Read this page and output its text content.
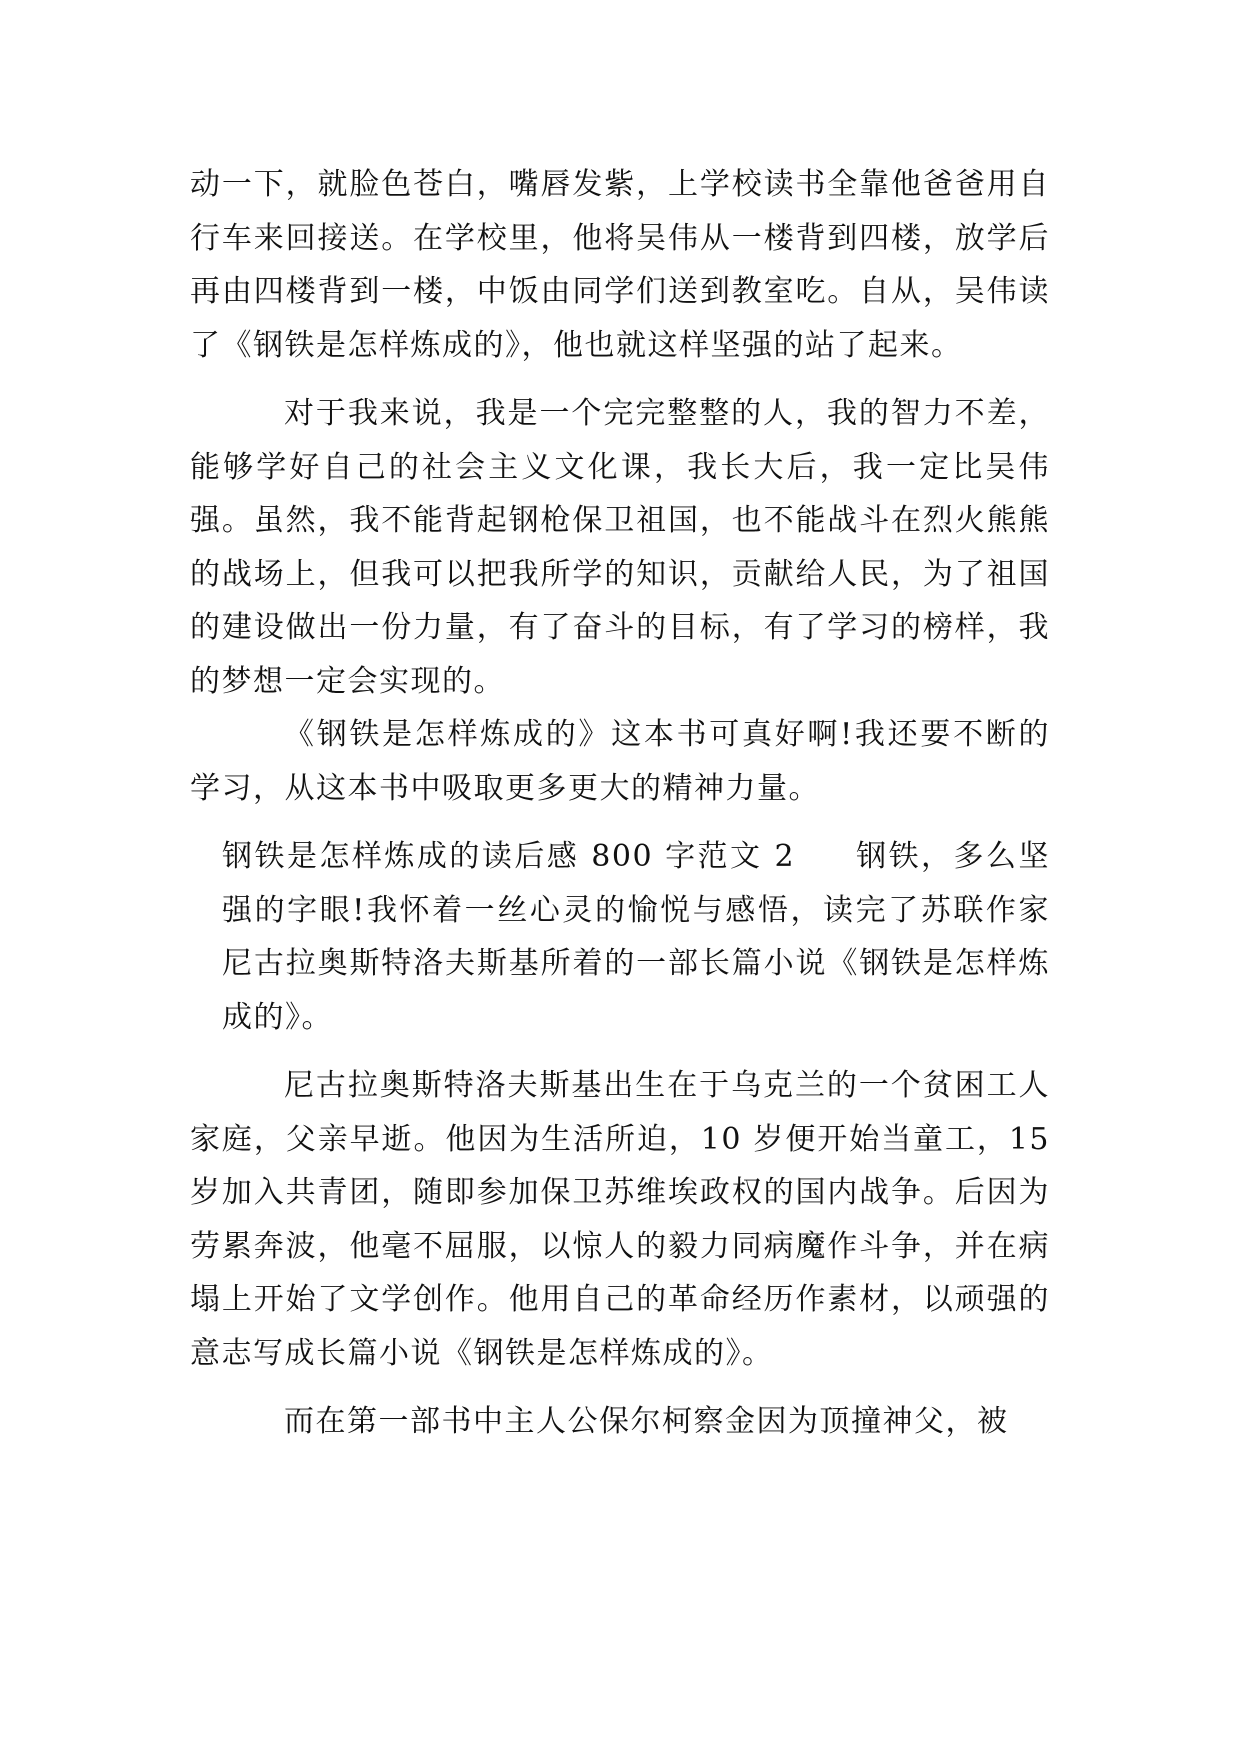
动一下，就脸色苍白，嘴唇发紫，上学校读书全靠他爸爸用自行车来回接送。在学校里，他将吴伟从一楼背到四楼，放学后再由四楼背到一楼，中饭由同学们送到教室吃。自从，吴伟读了《钢铁是怎样炼成的》，他也就这样坚强的站了起来。

对于我来说，我是一个完完整整的人，我的智力不差，能够学好自己的社会主义文化课，我长大后，我一定比吴伟强。虽然，我不能背起钢枪保卫祖国，也不能战斗在烈火熊熊的战场上，但我可以把我所学的知识，贡献给人民，为了祖国的建设做出一份力量，有了奋斗的目标，有了学习的榜样，我的梦想一定会实现的。

《钢铁是怎样炼成的》这本书可真好啊!我还要不断的学习，从这本书中吸取更多更大的精神力量。

钢铁是怎样炼成的读后感 800 字范文 2 钢铁，多么坚强的字眼!我怀着一丝心灵的愉悦与感悟，读完了苏联作家尼古拉奥斯特洛夫斯基所着的一部长篇小说《钢铁是怎样炼成的》。

尼古拉奥斯特洛夫斯基出生在于乌克兰的一个贫困工人家庭，父亲早逝。他因为生活所迫，10 岁便开始当童工，15 岁加入共青团，随即参加保卫苏维埃政权的国内战争。后因为劳累奔波，他毫不屈服，以惊人的毅力同病魔作斗争，并在病塌上开始了文学创作。他用自己的革命经历作素材，以顽强的意志写成长篇小说《钢铁是怎样炼成的》。

而在第一部书中主人公保尔柯察金因为顶撞神父，被
